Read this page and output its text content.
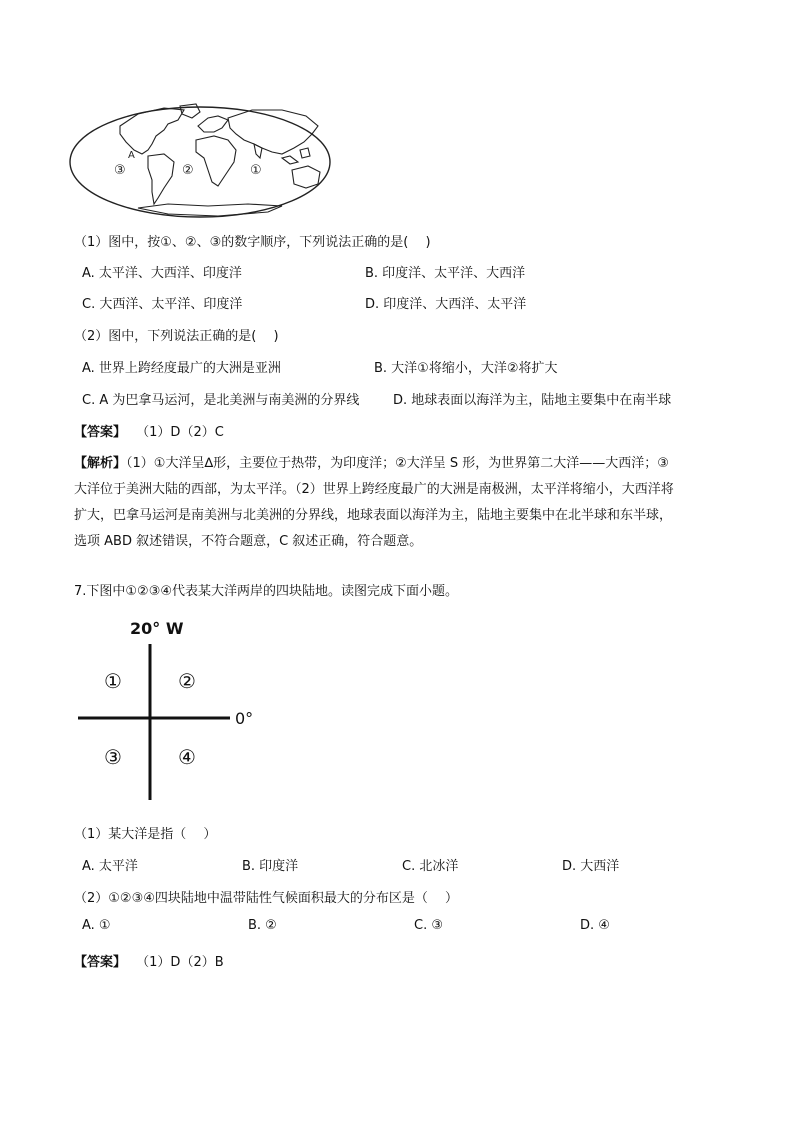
A
③	②	①
（1）图中，按①、②、③的数字顺序，下列说法正确的是(　 )
A. 太平洋、大西洋、印度洋	B. 印度洋、太平洋、大西洋
C. 大西洋、太平洋、印度洋	D. 印度洋、大西洋、太平洋
（2）图中，下列说法正确的是(　 )
A. 世界上跨经度最广的大洲是亚洲	B. 大洋①将缩小，大洋②将扩大
C. A 为巴拿马运河，是北美洲与南美洲的分界线	D. 地球表面以海洋为主，陆地主要集中在南半球
【答案】 （1）D（2）C
【解析】（1）①大洋呈∆形，主要位于热带，为印度洋；②大洋呈 S 形，为世界第二大洋——大西洋；③
大洋位于美洲大陆的西部，为太平洋。（2）世界上跨经度最广的大洲是南极洲，太平洋将缩小，大西洋将
扩大，巴拿马运河是南美洲与北美洲的分界线，地球表面以海洋为主，陆地主要集中在北半球和东半球，
选项 ABD 叙述错误，不符合题意，C 叙述正确，符合题意。
7.下图中①②③④代表某大洋两岸的四块陆地。读图完成下面小题。
20° W
0°
①	②
③	④
（1）某大洋是指（　 ）
A. 太平洋	B. 印度洋	C. 北冰洋	D. 大西洋
（2）①②③④四块陆地中温带陆性气候面积最大的分布区是（　 ）
A. ①	B. ②	C. ③	D. ④
【答案】 （1）D（2）B
